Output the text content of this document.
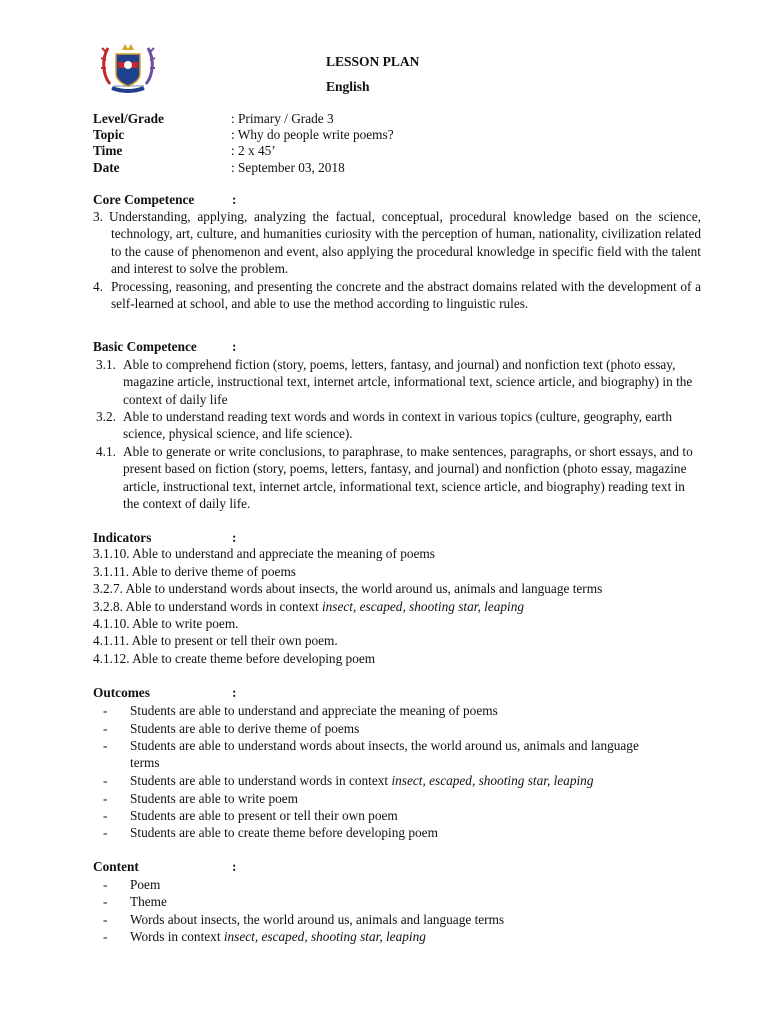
SCHOOL of VICTORY
LESSON PLAN
English
Level/Grade	: Primary / Grade 3
Topic	: Why do people write poems?
Time	: 2 x 45’
Date	: September 03, 2018
Core Competence	:
3. Understanding, applying, analyzing the factual, conceptual, procedural knowledge based on the science, technology, art, culture, and humanities curiosity with the perception of human, nationality, civilization related to the cause of phenomenon and event, also applying the procedural knowledge in specific field with the talent and interest to solve the problem.
4. Processing, reasoning, and presenting the concrete and the abstract domains related with the development of a self-learned at school, and able to use the method according to linguistic rules.
Basic Competence	:
3.1. Able to comprehend fiction (story, poems, letters, fantasy, and journal) and nonfiction text (photo essay, magazine article, instructional text, internet artcle, informational text, science article, and biography) in the context of daily life
3.2. Able to understand reading text words and words in context in various topics (culture, geography, earth science, physical science, and life science).
4.1. Able to generate or write conclusions, to paraphrase, to make sentences, paragraphs, or short essays, and to present based on fiction (story, poems, letters, fantasy, and journal) and nonfiction (photo essay, magazine article, instructional text, internet artcle, informational text, science article, and biography) reading text in the context of daily life.
Indicators	:
3.1.10. Able to understand and appreciate the meaning of poems
3.1.11. Able to derive theme of poems
3.2.7. Able to understand words about insects, the world around us, animals and language terms
3.2.8. Able to understand words in context insect, escaped, shooting star, leaping
4.1.10. Able to write poem.
4.1.11. Able to present or tell their own poem.
4.1.12. Able to create theme before developing poem
Outcomes	:
- Students are able to understand and appreciate the meaning of poems
- Students are able to derive theme of poems
- Students are able to understand words about insects, the world around us, animals and language terms
- Students are able to understand words in context insect, escaped, shooting star, leaping
- Students are able to write poem
- Students are able to present or tell their own poem
- Students are able to create theme before developing poem
Content	:
- Poem
- Theme
- Words about insects, the world around us, animals and language terms
- Words in context insect, escaped, shooting star, leaping
